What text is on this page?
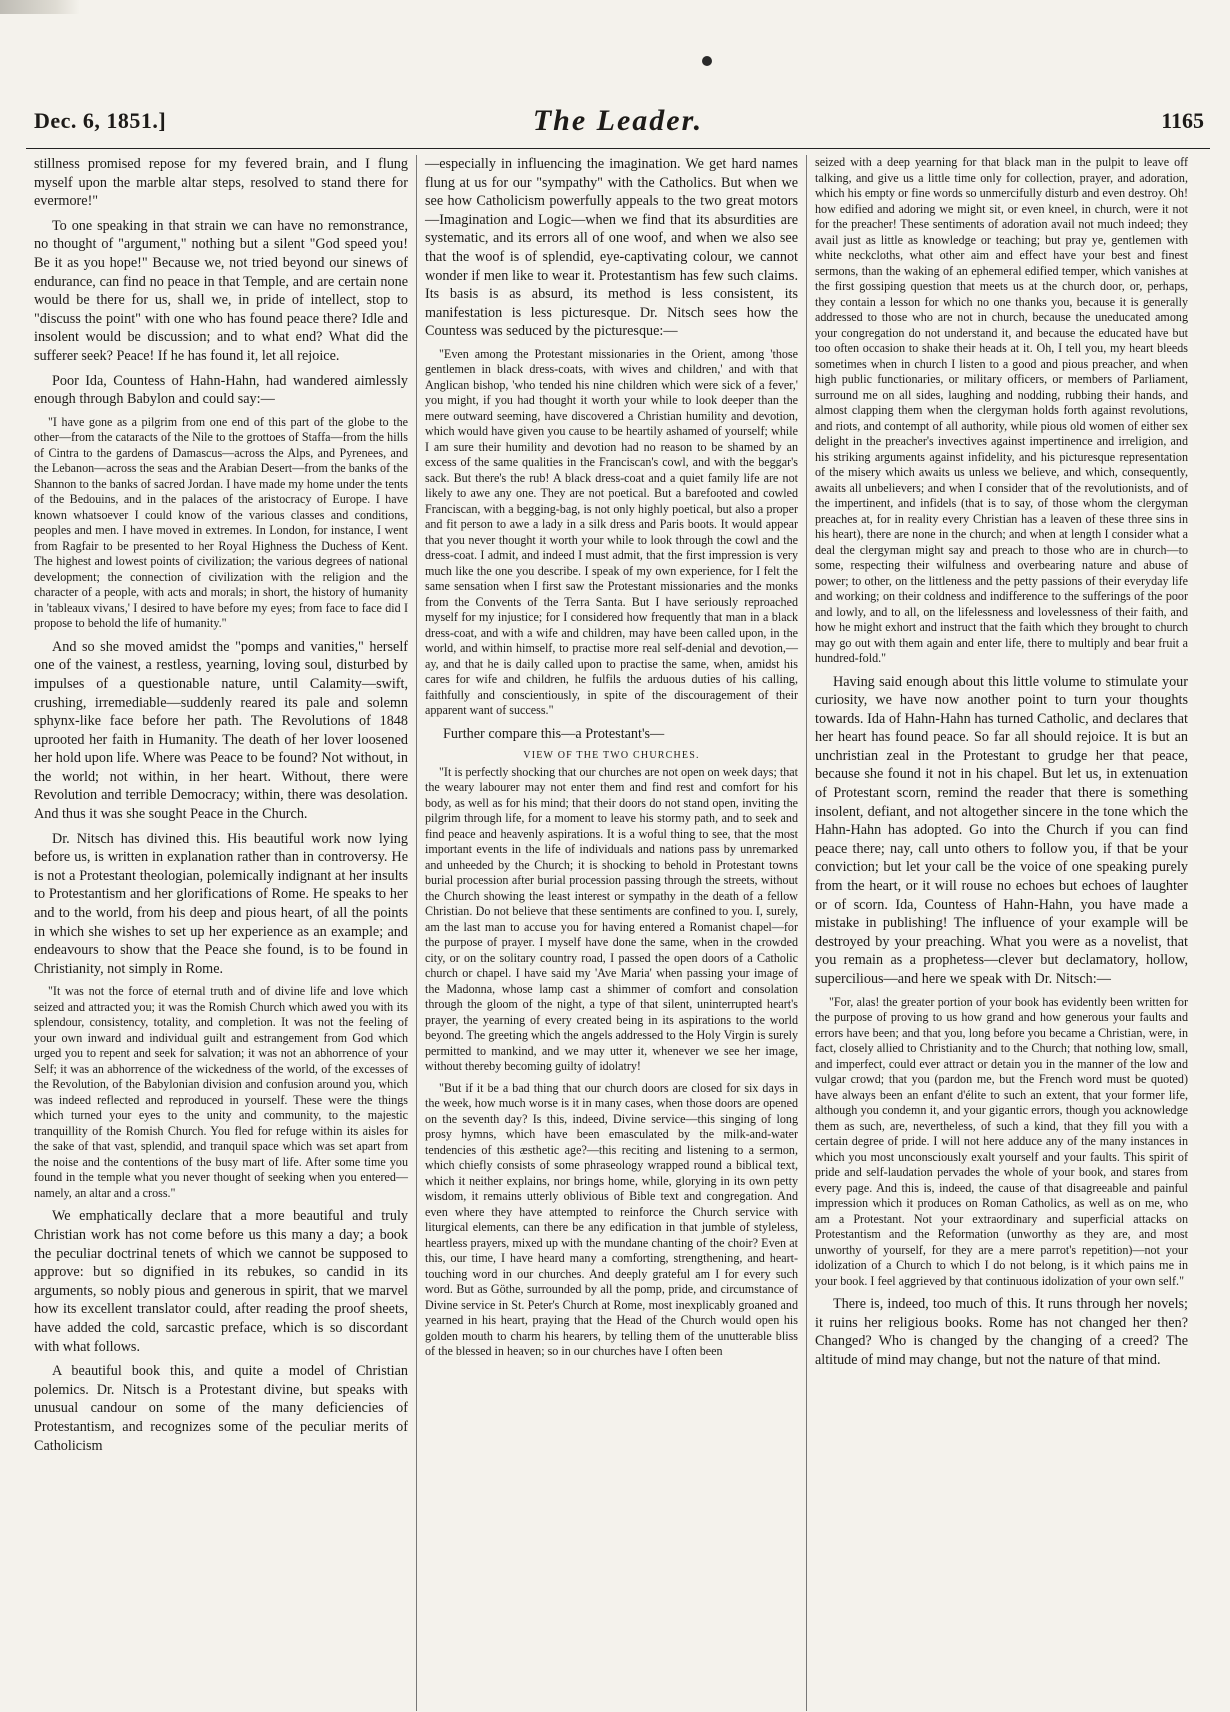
Dec. 6, 1851.]	The Leader.	1165

stillness promised repose for my fevered brain, and I flung myself upon the marble altar steps, resolved to stand there for evermore!"

To one speaking in that strain we can have no remonstrance, no thought of "argument," nothing but a silent "God speed you! Be it as you hope!" Because we, not tried beyond our sinews of endurance, can find no peace in that Temple, and are certain none would be there for us, shall we, in pride of intellect, stop to "discuss the point" with one who has found peace there? Idle and insolent would be discussion; and to what end? What did the sufferer seek? Peace! If he has found it, let all rejoice.

Poor Ida, Countess of Hahn-Hahn, had wandered aimlessly enough through Babylon and could say:—

"I have gone as a pilgrim from one end of this part of the globe to the other—from the cataracts of the Nile to the grottoes of Staffa—from the hills of Cintra to the gardens of Damascus—across the Alps, and Pyrenees, and the Lebanon—across the seas and the Arabian Desert—from the banks of the Shannon to the banks of sacred Jordan. I have made my home under the tents of the Bedouins, and in the palaces of the aristocracy of Europe. I have known whatsoever I could know of the various classes and conditions, peoples and men. I have moved in extremes. In London, for instance, I went from Ragfair to be presented to her Royal Highness the Duchess of Kent. The highest and lowest points of civilization; the various degrees of national development; the connection of civilization with the religion and the character of a people, with acts and morals; in short, the history of humanity in 'tableaux vivans,' I desired to have before my eyes; from face to face did I propose to behold the life of humanity."

And so she moved amidst the "pomps and vanities," herself one of the vainest, a restless, yearning, loving soul, disturbed by impulses of a questionable nature, until Calamity—swift, crushing, irremediable—suddenly reared its pale and solemn sphynx-like face before her path. The Revolutions of 1848 uprooted her faith in Humanity. The death of her lover loosened her hold upon life. Where was Peace to be found? Not without, in the world; not within, in her heart. Without, there were Revolution and terrible Democracy; within, there was desolation. And thus it was she sought Peace in the Church.

Dr. Nitsch has divined this. His beautiful work now lying before us, is written in explanation rather than in controversy. He is not a Protestant theologian, polemically indignant at her insults to Protestantism and her glorifications of Rome. He speaks to her and to the world, from his deep and pious heart, of all the points in which she wishes to set up her experience as an example; and endeavours to show that the Peace she found, is to be found in Christianity, not simply in Rome.

"It was not the force of eternal truth and of divine life and love which seized and attracted you; it was the Romish Church which awed you with its splendour, consistency, totality, and completion. It was not the feeling of your own inward and individual guilt and estrangement from God which urged you to repent and seek for salvation; it was not an abhorrence of your Self; it was an abhorrence of the wickedness of the world, of the excesses of the Revolution, of the Babylonian division and confusion around you, which was indeed reflected and reproduced in yourself. These were the things which turned your eyes to the unity and community, to the majestic tranquillity of the Romish Church. You fled for refuge within its aisles for the sake of that vast, splendid, and tranquil space which was set apart from the noise and the contentions of the busy mart of life. After some time you found in the temple what you never thought of seeking when you entered—namely, an altar and a cross."

We emphatically declare that a more beautiful and truly Christian work has not come before us this many a day; a book the peculiar doctrinal tenets of which we cannot be supposed to approve: but so dignified in its rebukes, so candid in its arguments, so nobly pious and generous in spirit, that we marvel how its excellent translator could, after reading the proof sheets, have added the cold, sarcastic preface, which is so discordant with what follows.

A beautiful book this, and quite a model of Christian polemics. Dr. Nitsch is a Protestant divine, but speaks with unusual candour on some of the many deficiencies of Protestantism, and recognizes some of the peculiar merits of Catholicism

—especially in influencing the imagination. We get hard names flung at us for our "sympathy" with the Catholics. But when we see how Catholicism powerfully appeals to the two great motors—Imagination and Logic—when we find that its absurdities are systematic, and its errors all of one woof, and when we also see that the woof is of splendid, eye-captivating colour, we cannot wonder if men like to wear it. Protestantism has few such claims. Its basis is as absurd, its method is less consistent, its manifestation is less picturesque. Dr. Nitsch sees how the Countess was seduced by the picturesque:—

"Even among the Protestant missionaries in the Orient, among 'those gentlemen in black dress-coats, with wives and children,' and with that Anglican bishop, 'who tended his nine children which were sick of a fever,' you might, if you had thought it worth your while to look deeper than the mere outward seeming, have discovered a Christian humility and devotion, which would have given you cause to be heartily ashamed of yourself; while I am sure their humility and devotion had no reason to be shamed by an excess of the same qualities in the Franciscan's cowl, and with the beggar's sack. But there's the rub! A black dress-coat and a quiet family life are not likely to awe any one. They are not poetical. But a barefooted and cowled Franciscan, with a begging-bag, is not only highly poetical, but also a proper and fit person to awe a lady in a silk dress and Paris boots. It would appear that you never thought it worth your while to look through the cowl and the dress-coat. I admit, and indeed I must admit, that the first impression is very much like the one you describe. I speak of my own experience, for I felt the same sensation when I first saw the Protestant missionaries and the monks from the Convents of the Terra Santa. But I have seriously reproached myself for my injustice; for I considered how frequently that man in a black dress-coat, and with a wife and children, may have been called upon, in the world, and within himself, to practise more real self-denial and devotion,—ay, and that he is daily called upon to practise the same, when, amidst his cares for wife and children, he fulfils the arduous duties of his calling, faithfully and conscientiously, in spite of the discouragement of their apparent want of success."

Further compare this—a Protestant's—

VIEW OF THE TWO CHURCHES.

"It is perfectly shocking that our churches are not open on week days; that the weary labourer may not enter them and find rest and comfort for his body, as well as for his mind; that their doors do not stand open, inviting the pilgrim through life, for a moment to leave his stormy path, and to seek and find peace and heavenly aspirations. It is a woful thing to see, that the most important events in the life of individuals and nations pass by unremarked and unheeded by the Church; it is shocking to behold in Protestant towns burial procession after burial procession passing through the streets, without the Church showing the least interest or sympathy in the death of a fellow Christian. Do not believe that these sentiments are confined to you. I, surely, am the last man to accuse you for having entered a Romanist chapel—for the purpose of prayer. I myself have done the same, when in the crowded city, or on the solitary country road, I passed the open doors of a Catholic church or chapel. I have said my 'Ave Maria' when passing your image of the Madonna, whose lamp cast a shimmer of comfort and consolation through the gloom of the night, a type of that silent, uninterrupted heart's prayer, the yearning of every created being in its aspirations to the world beyond. The greeting which the angels addressed to the Holy Virgin is surely permitted to mankind, and we may utter it, whenever we see her image, without thereby becoming guilty of idolatry!

"But if it be a bad thing that our church doors are closed for six days in the week, how much worse is it in many cases, when those doors are opened on the seventh day? Is this, indeed, Divine service—this singing of long prosy hymns, which have been emasculated by the milk-and-water tendencies of this æsthetic age?—this reciting and listening to a sermon, which chiefly consists of some phraseology wrapped round a biblical text, which it neither explains, nor brings home, while, glorying in its own petty wisdom, it remains utterly oblivious of Bible text and congregation. And even where they have attempted to reinforce the Church service with liturgical elements, can there be any edification in that jumble of styleless, heartless prayers, mixed up with the mundane chanting of the choir? Even at this, our time, I have heard many a comforting, strengthening, and heart-touching word in our churches. And deeply grateful am I for every such word. But as Göthe, surrounded by all the pomp, pride, and circumstance of Divine service in St. Peter's Church at Rome, most inexplicably groaned and yearned in his heart, praying that the Head of the Church would open his golden mouth to charm his hearers, by telling them of the unutterable bliss of the blessed in heaven; so in our churches have I often been

seized with a deep yearning for that black man in the pulpit to leave off talking, and give us a little time only for collection, prayer, and adoration, which his empty or fine words so unmercifully disturb and even destroy. Oh! how edified and adoring we might sit, or even kneel, in church, were it not for the preacher! These sentiments of adoration avail not much indeed; they avail just as little as knowledge or teaching; but pray ye, gentlemen with white neckcloths, what other aim and effect have your best and finest sermons, than the waking of an ephemeral edified temper, which vanishes at the first gossiping question that meets us at the church door, or, perhaps, they contain a lesson for which no one thanks you, because it is generally addressed to those who are not in church, because the uneducated among your congregation do not understand it, and because the educated have but too often occasion to shake their heads at it. Oh, I tell you, my heart bleeds sometimes when in church I listen to a good and pious preacher, and when high public functionaries, or military officers, or members of Parliament, surround me on all sides, laughing and nodding, rubbing their hands, and almost clapping them when the clergyman holds forth against revolutions, and riots, and contempt of all authority, while pious old women of either sex delight in the preacher's invectives against impertinence and irreligion, and his striking arguments against infidelity, and his picturesque representation of the misery which awaits us unless we believe, and which, consequently, awaits all unbelievers; and when I consider that of the revolutionists, and of the impertinent, and infidels (that is to say, of those whom the clergyman preaches at, for in reality every Christian has a leaven of these three sins in his heart), there are none in the church; and when at length I consider what a deal the clergyman might say and preach to those who are in church—to some, respecting their wilfulness and overbearing nature and abuse of power; to other, on the littleness and the petty passions of their everyday life and working; on their coldness and indifference to the sufferings of the poor and lowly, and to all, on the lifelessness and lovelessness of their faith, and how he might exhort and instruct that the faith which they brought to church may go out with them again and enter life, there to multiply and bear fruit a hundred-fold."

Having said enough about this little volume to stimulate your curiosity, we have now another point to turn your thoughts towards. Ida of Hahn-Hahn has turned Catholic, and declares that her heart has found peace. So far all should rejoice. It is but an unchristian zeal in the Protestant to grudge her that peace, because she found it not in his chapel. But let us, in extenuation of Protestant scorn, remind the reader that there is something insolent, defiant, and not altogether sincere in the tone which the Hahn-Hahn has adopted. Go into the Church if you can find peace there; nay, call unto others to follow you, if that be your conviction; but let your call be the voice of one speaking purely from the heart, or it will rouse no echoes but echoes of laughter or of scorn. Ida, Countess of Hahn-Hahn, you have made a mistake in publishing! The influence of your example will be destroyed by your preaching. What you were as a novelist, that you remain as a prophetess—clever but declamatory, hollow, supercilious—and here we speak with Dr. Nitsch:—

"For, alas! the greater portion of your book has evidently been written for the purpose of proving to us how grand and how generous your faults and errors have been; and that you, long before you became a Christian, were, in fact, closely allied to Christianity and to the Church; that nothing low, small, and imperfect, could ever attract or detain you in the manner of the low and vulgar crowd; that you (pardon me, but the French word must be quoted) have always been an enfant d'élite to such an extent, that your former life, although you condemn it, and your gigantic errors, though you acknowledge them as such, are, nevertheless, of such a kind, that they fill you with a certain degree of pride. I will not here adduce any of the many instances in which you most unconsciously exalt yourself and your faults. This spirit of pride and self-laudation pervades the whole of your book, and stares from every page. And this is, indeed, the cause of that disagreeable and painful impression which it produces on Roman Catholics, as well as on me, who am a Protestant. Not your extraordinary and superficial attacks on Protestantism and the Reformation (unworthy as they are, and most unworthy of yourself, for they are a mere parrot's repetition)—not your idolization of a Church to which I do not belong, is it which pains me in your book. I feel aggrieved by that continuous idolization of your own self."

There is, indeed, too much of this. It runs through her novels; it ruins her religious books. Rome has not changed her then? Changed? Who is changed by the changing of a creed? The altitude of mind may change, but not the nature of that mind.
